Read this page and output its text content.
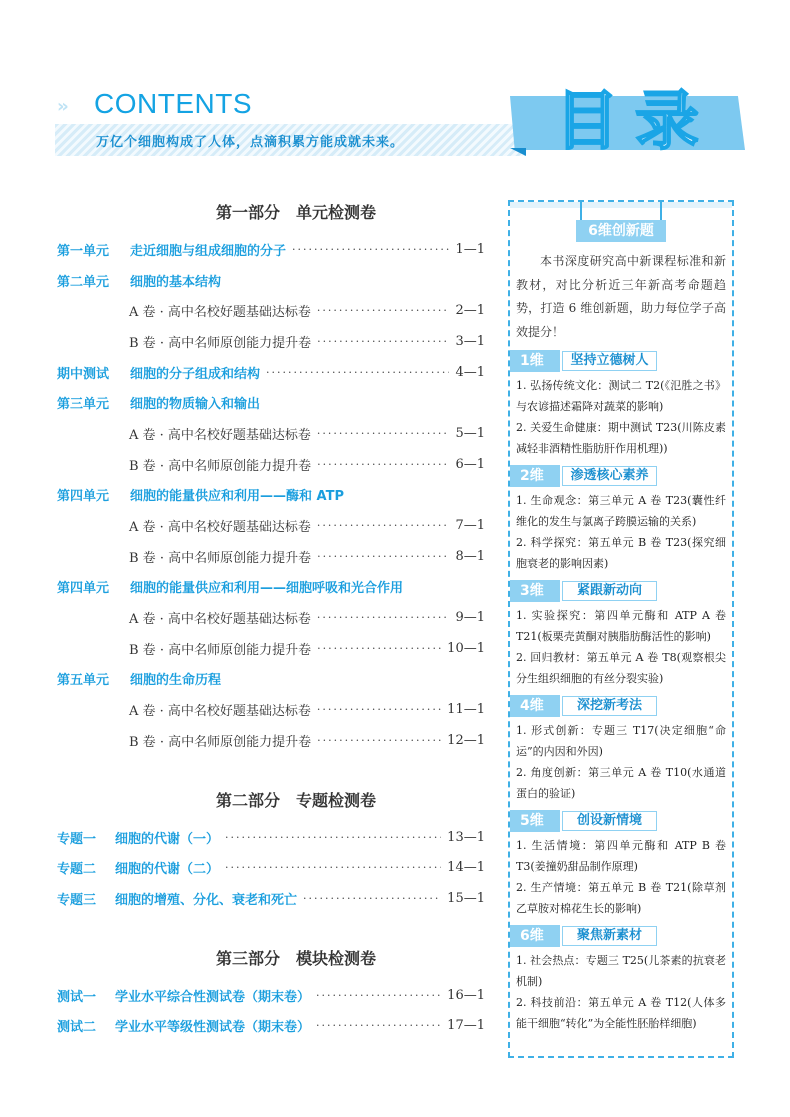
›› CONTENTS
万亿个细胞构成了人体，点滴积累方能成就未来。 目录
第一部分　单元检测卷
第一单元	走近细胞与组成细胞的分子 ·····	1—1
第二单元	细胞的基本结构
A 卷 · 高中名校好题基础达标卷 ·····	2—1
B 卷 · 高中名师原创能力提升卷 ·····	3—1
期中测试	细胞的分子组成和结构 ·····	4—1
第三单元	细胞的物质输入和输出
A 卷 · 高中名校好题基础达标卷 ·····	5—1
B 卷 · 高中名师原创能力提升卷 ·····	6—1
第四单元	细胞的能量供应和利用——酶和 ATP
A 卷 · 高中名校好题基础达标卷 ·····	7—1
B 卷 · 高中名师原创能力提升卷 ·····	8—1
第四单元	细胞的能量供应和利用——细胞呼吸和光合作用
A 卷 · 高中名校好题基础达标卷 ·····	9—1
B 卷 · 高中名师原创能力提升卷 ·····	10—1
第五单元	细胞的生命历程
A 卷 · 高中名校好题基础达标卷 ·····	11—1
B 卷 · 高中名师原创能力提升卷 ·····	12—1
第二部分　专题检测卷
专题一	细胞的代谢（一） ·····	13—1
专题二	细胞的代谢（二） ·····	14—1
专题三	细胞的增殖、分化、衰老和死亡 ·····	15—1
第三部分　模块检测卷
测试一	学业水平综合性测试卷（期末卷） ·····	16—1
测试二	学业水平等级性测试卷（期末卷） ·····	17—1
6维创新题
本书深度研究高中新课程标准和新教材，对比分析近三年新高考命题趋势，打造 6 维创新题，助力每位学子高效提分！
1维	坚持立德树人
1. 弘扬传统文化：测试二 T2(《氾胜之书》与农谚描述霜降对蔬菜的影响)
2. 关爱生命健康：期中测试 T23(川陈皮素减轻非酒精性脂肪肝作用机理))
2维	渗透核心素养
1. 生命观念：第三单元 A 卷 T23(囊性纤维化的发生与氯离子跨膜运输的关系)
2. 科学探究：第五单元 B 卷 T23(探究细胞衰老的影响因素)
3维	紧跟新动向
1. 实验探究：第四单元酶和 ATP A 卷 T21(板栗壳黄酮对胰脂肪酶活性的影响)
2. 回归教材：第五单元 A 卷 T8(观察根尖分生组织细胞的有丝分裂实验)
4维	深挖新考法
1. 形式创新：专题三 T17(决定细胞“命运”的内因和外因)
2. 角度创新：第三单元 A 卷 T10(水通道蛋白的验证)
5维	创设新情境
1. 生活情境：第四单元酶和 ATP B 卷 T3(姜撞奶甜品制作原理)
2. 生产情境：第五单元 B 卷 T21(除草剂乙草胺对棉花生长的影响)
6维	聚焦新素材
1. 社会热点：专题三 T25(儿茶素的抗衰老机制)
2. 科技前沿：第五单元 A 卷 T12(人体多能干细胞“转化”为全能性胚胎样细胞)
